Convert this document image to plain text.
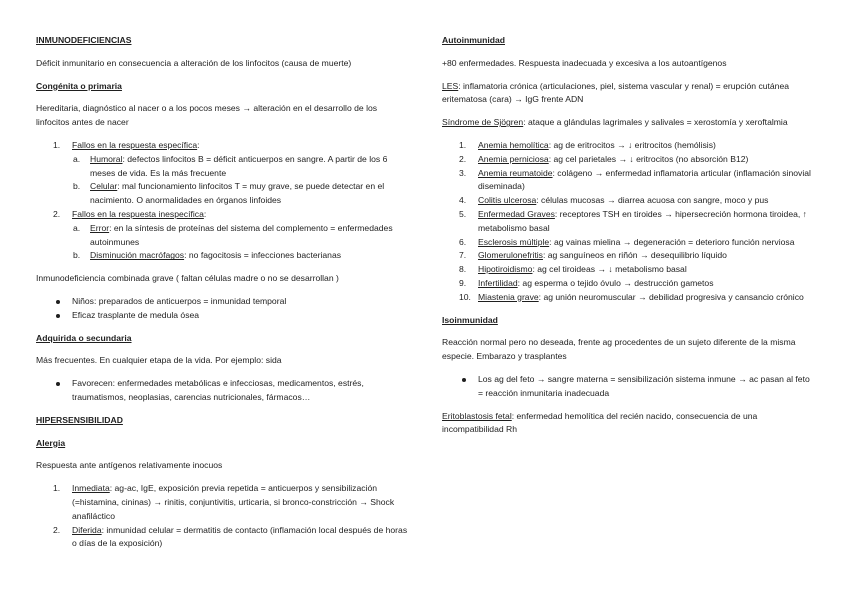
INMUNODEFICIENCIAS

Déficit inmunitario en consecuencia a alteración de los linfocitos (causa de muerte)

Congénita o primaria

Hereditaria, diagnóstico al nacer o a los pocos meses → alteración en el desarrollo de los linfocitos antes de nacer

1. Fallos en la respuesta específica:
a. Humoral: defectos linfocitos B = déficit anticuerpos en sangre. A partir de los 6 meses de vida. Es la más frecuente
b. Celular: mal funcionamiento linfocitos T = muy grave, se puede detectar en el nacimiento. O anormalidades en órganos linfoides
2. Fallos en la respuesta inespecífica:
a. Error: en la síntesis de proteínas del sistema del complemento = enfermedades autoinmunes
b. Disminución macrófagos: no fagocitosis = infecciones bacterianas

Inmunodeficiencia combinada grave ( faltan células madre o no se desarrollan )

Niños: preparados de anticuerpos = inmunidad temporal
Eficaz trasplante de medula ósea
Adquirida o secundaria

Más frecuentes. En cualquier etapa de la vida. Por ejemplo: sida

Favorecen: enfermedades metabólicas e infecciosas, medicamentos, estrés, traumatismos, neoplasias, carencias nutricionales, fármacos…
HIPERSENSIBILIDAD
Alergia

Respuesta ante antígenos relativamente inocuos

1. Inmediata: ag-ac, IgE, exposición previa repetida = anticuerpos y sensibilización (=histamina, cininas) → rinitis, conjuntivitis, urticaria, si bronco-constricción → Shock anafiláctico
2. Diferida: inmunidad celular = dermatitis de contacto (inflamación local después de horas o días de la exposición)
Autoinmunidad

+80 enfermedades. Respuesta inadecuada y excesiva a los autoantígenos

LES: inflamatoria crónica (articulaciones, piel, sistema vascular y renal) = erupción cutánea eritematosa (cara) → IgG frente ADN

Síndrome de Sjögren: ataque a glándulas lagrimales y salivales = xerostomía y xeroftalmia

1. Anemia hemolítica: ag de eritrocitos → ↓ eritrocitos (hemólisis)
2. Anemia perniciosa: ag cel parietales → ↓ eritrocitos (no absorción B12)
3. Anemia reumatoide: colágeno → enfermedad inflamatoria articular (inflamación sinovial diseminada)
4. Colitis ulcerosa: células mucosas → diarrea acuosa con sangre, moco y pus
5. Enfermedad Graves: receptores TSH en tiroides → hipersecreción hormona tiroidea, ↑ metabolismo basal
6. Esclerosis múltiple: ag vainas mielina → degeneración = deterioro función nerviosa
7. Glomerulonefritis: ag sanguíneos en riñón → desequilibrio líquido
8. Hipotiroidismo: ag cel tiroideas → ↓ metabolismo basal
9. Infertilidad: ag esperma o tejido óvulo → destrucción gametos
10. Miastenia grave: ag unión neuromuscular → debilidad progresiva y cansancio crónico
Isoinmunidad

Reacción normal pero no deseada, frente ag procedentes de un sujeto diferente de la misma especie. Embarazo y trasplantes

Los ag del feto → sangre materna = sensibilización sistema inmune → ac pasan al feto = reacción inmunitaria inadecuada

Eritoblastosis fetal: enfermedad hemolítica del recién nacido, consecuencia de una incompatibilidad Rh
